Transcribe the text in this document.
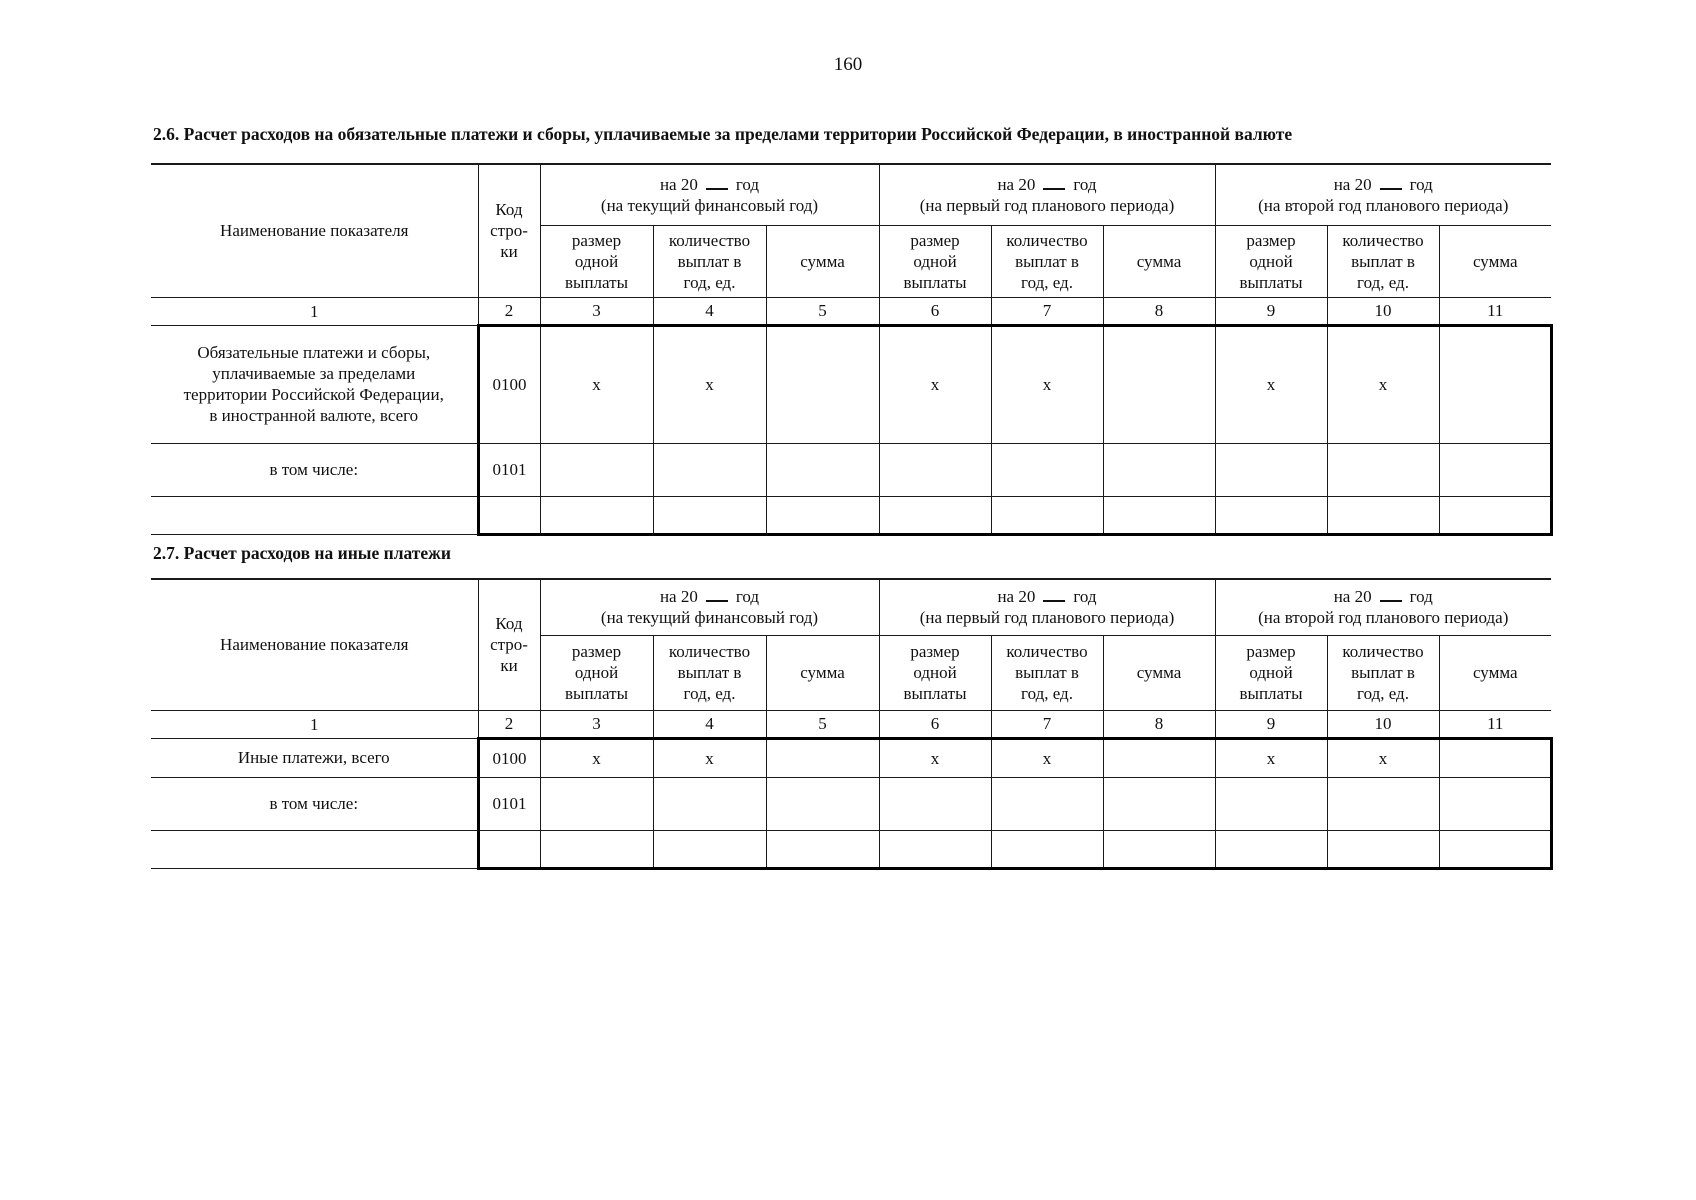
160
2.6. Расчет расходов на обязательные платежи и сборы, уплачиваемые за пределами территории Российской Федерации, в иностранной валюте
Наименование показателя	Код
стро-
ки	на 20 год
(на текущий финансовый год)			на 20 год
(на первый год планового периода)			на 20 год
(на второй год планового периода)		
		размер
одной
выплаты	количество
выплат в
год, ед.	сумма	размер
одной
выплаты	количество
выплат в
год, ед.	сумма	размер
одной
выплаты	количество
выплат в
год, ед.	сумма
1	2	3	4	5	6	7	8	9	10	11
Обязательные платежи и сборы,
уплачиваемые за пределами
территории Российской Федерации,
в иностранной валюте, всего	0100	x	x		x	x		x	x	
в том числе:	0101									

2.7. Расчет расходов на иные платежи
Наименование показателя	Код
стро-
ки	на 20 год
(на текущий финансовый год)			на 20 год
(на первый год планового периода)			на 20 год
(на второй год планового периода)		
		размер
одной
выплаты	количество
выплат в
год, ед.	сумма	размер
одной
выплаты	количество
выплат в
год, ед.	сумма	размер
одной
выплаты	количество
выплат в
год, ед.	сумма
1	2	3	4	5	6	7	8	9	10	11
Иные платежи, всего	0100	x	x		x	x		x	x	
в том числе:	0101									
